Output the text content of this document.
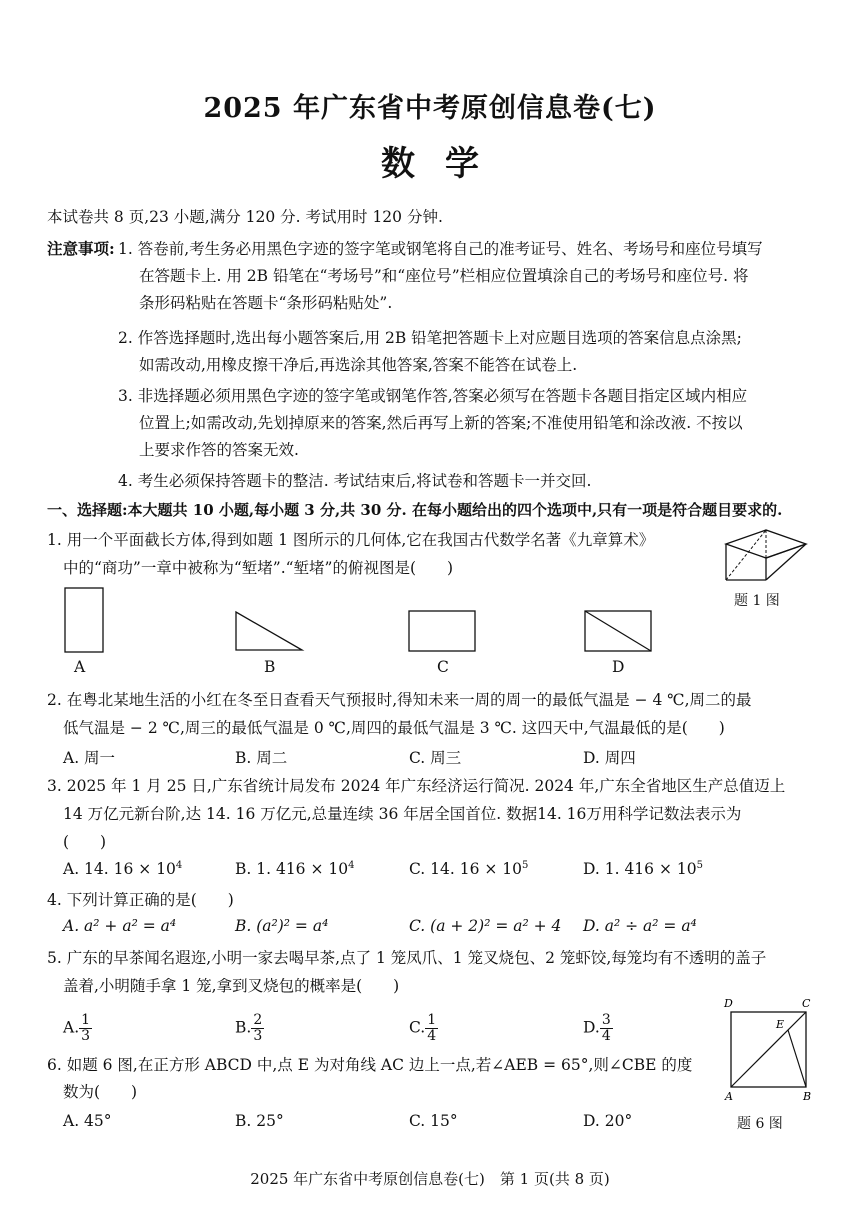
2025 年广东省中考原创信息卷(七)
数学
本试卷共 8 页,23 小题,满分 120 分. 考试用时 120 分钟.
注意事项: 1. 答卷前,考生务必用黑色字迹的签字笔或钢笔将自己的准考证号、姓名、考场号和座位号填写
在答题卡上. 用 2B 铅笔在“考场号”和“座位号”栏相应位置填涂自己的考场号和座位号. 将
条形码粘贴在答题卡“条形码粘贴处”.
2. 作答选择题时,选出每小题答案后,用 2B 铅笔把答题卡上对应题目选项的答案信息点涂黑;
如需改动,用橡皮擦干净后,再选涂其他答案,答案不能答在试卷上.
3. 非选择题必须用黑色字迹的签字笔或钢笔作答,答案必须写在答题卡各题目指定区域内相应
位置上;如需改动,先划掉原来的答案,然后再写上新的答案;不准使用铅笔和涂改液. 不按以
上要求作答的答案无效.
4. 考生必须保持答题卡的整洁. 考试结束后,将试卷和答题卡一并交回.
一、选择题:本大题共 10 小题,每小题 3 分,共 30 分. 在每小题给出的四个选项中,只有一项是符合题目要求的.
1. 用一个平面截长方体,得到如题 1 图所示的几何体,它在我国古代数学名著《九章算术》
中的“商功”一章中被称为“堑堵”.“堑堵”的俯视图是(　　)
题 1 图
A	B	C	D
2. 在粤北某地生活的小红在冬至日查看天气预报时,得知未来一周的周一的最低气温是 − 4 ℃,周二的最
低气温是 − 2 ℃,周三的最低气温是 0 ℃,周四的最低气温是 3 ℃. 这四天中,气温最低的是(　　)
A. 周一	B. 周二	C. 周三	D. 周四
3. 2025 年 1 月 25 日,广东省统计局发布 2024 年广东经济运行简况. 2024 年,广东全省地区生产总值迈上
14 万亿元新台阶,达 14. 16 万亿元,总量连续 36 年居全国首位. 数据14. 16万用科学记数法表示为
(　　)
A. 14. $16 \times 10^4$	B. 1. $416 \times 10^4$	C. 14. $16 \times 10^5$	D. 1. $416 \times 10^5$
4. 下列计算正确的是(　　)
A. a² + a² = a⁴	B. (a²)² = a⁴	C. (a + 2)² = a² + 4 D. a² ÷ a² = a⁴
5. 广东的早茶闻名遐迩,小明一家去喝早茶,点了 1 笼凤爪、1 笼叉烧包、2 笼虾饺,每笼均有不透明的盖子
盖着,小明随手拿 1 笼,拿到叉烧包的概率是(　　)
A. $\frac{1}{3}$	B. $\frac{2}{3}$	C. $\frac{1}{4}$	D. $\frac{3}{4}$
6. 如题 6 图,在正方形 ABCD 中,点 E 为对角线 AC 边上一点,若∠AEB = 65°,则∠CBE 的度
数为(　　)
A. 45°	B. 25°	C. 15°	D. 20°
D	C
E
A	B
题 6 图
2025 年广东省中考原创信息卷(七)　第 1 页(共 8 页)
